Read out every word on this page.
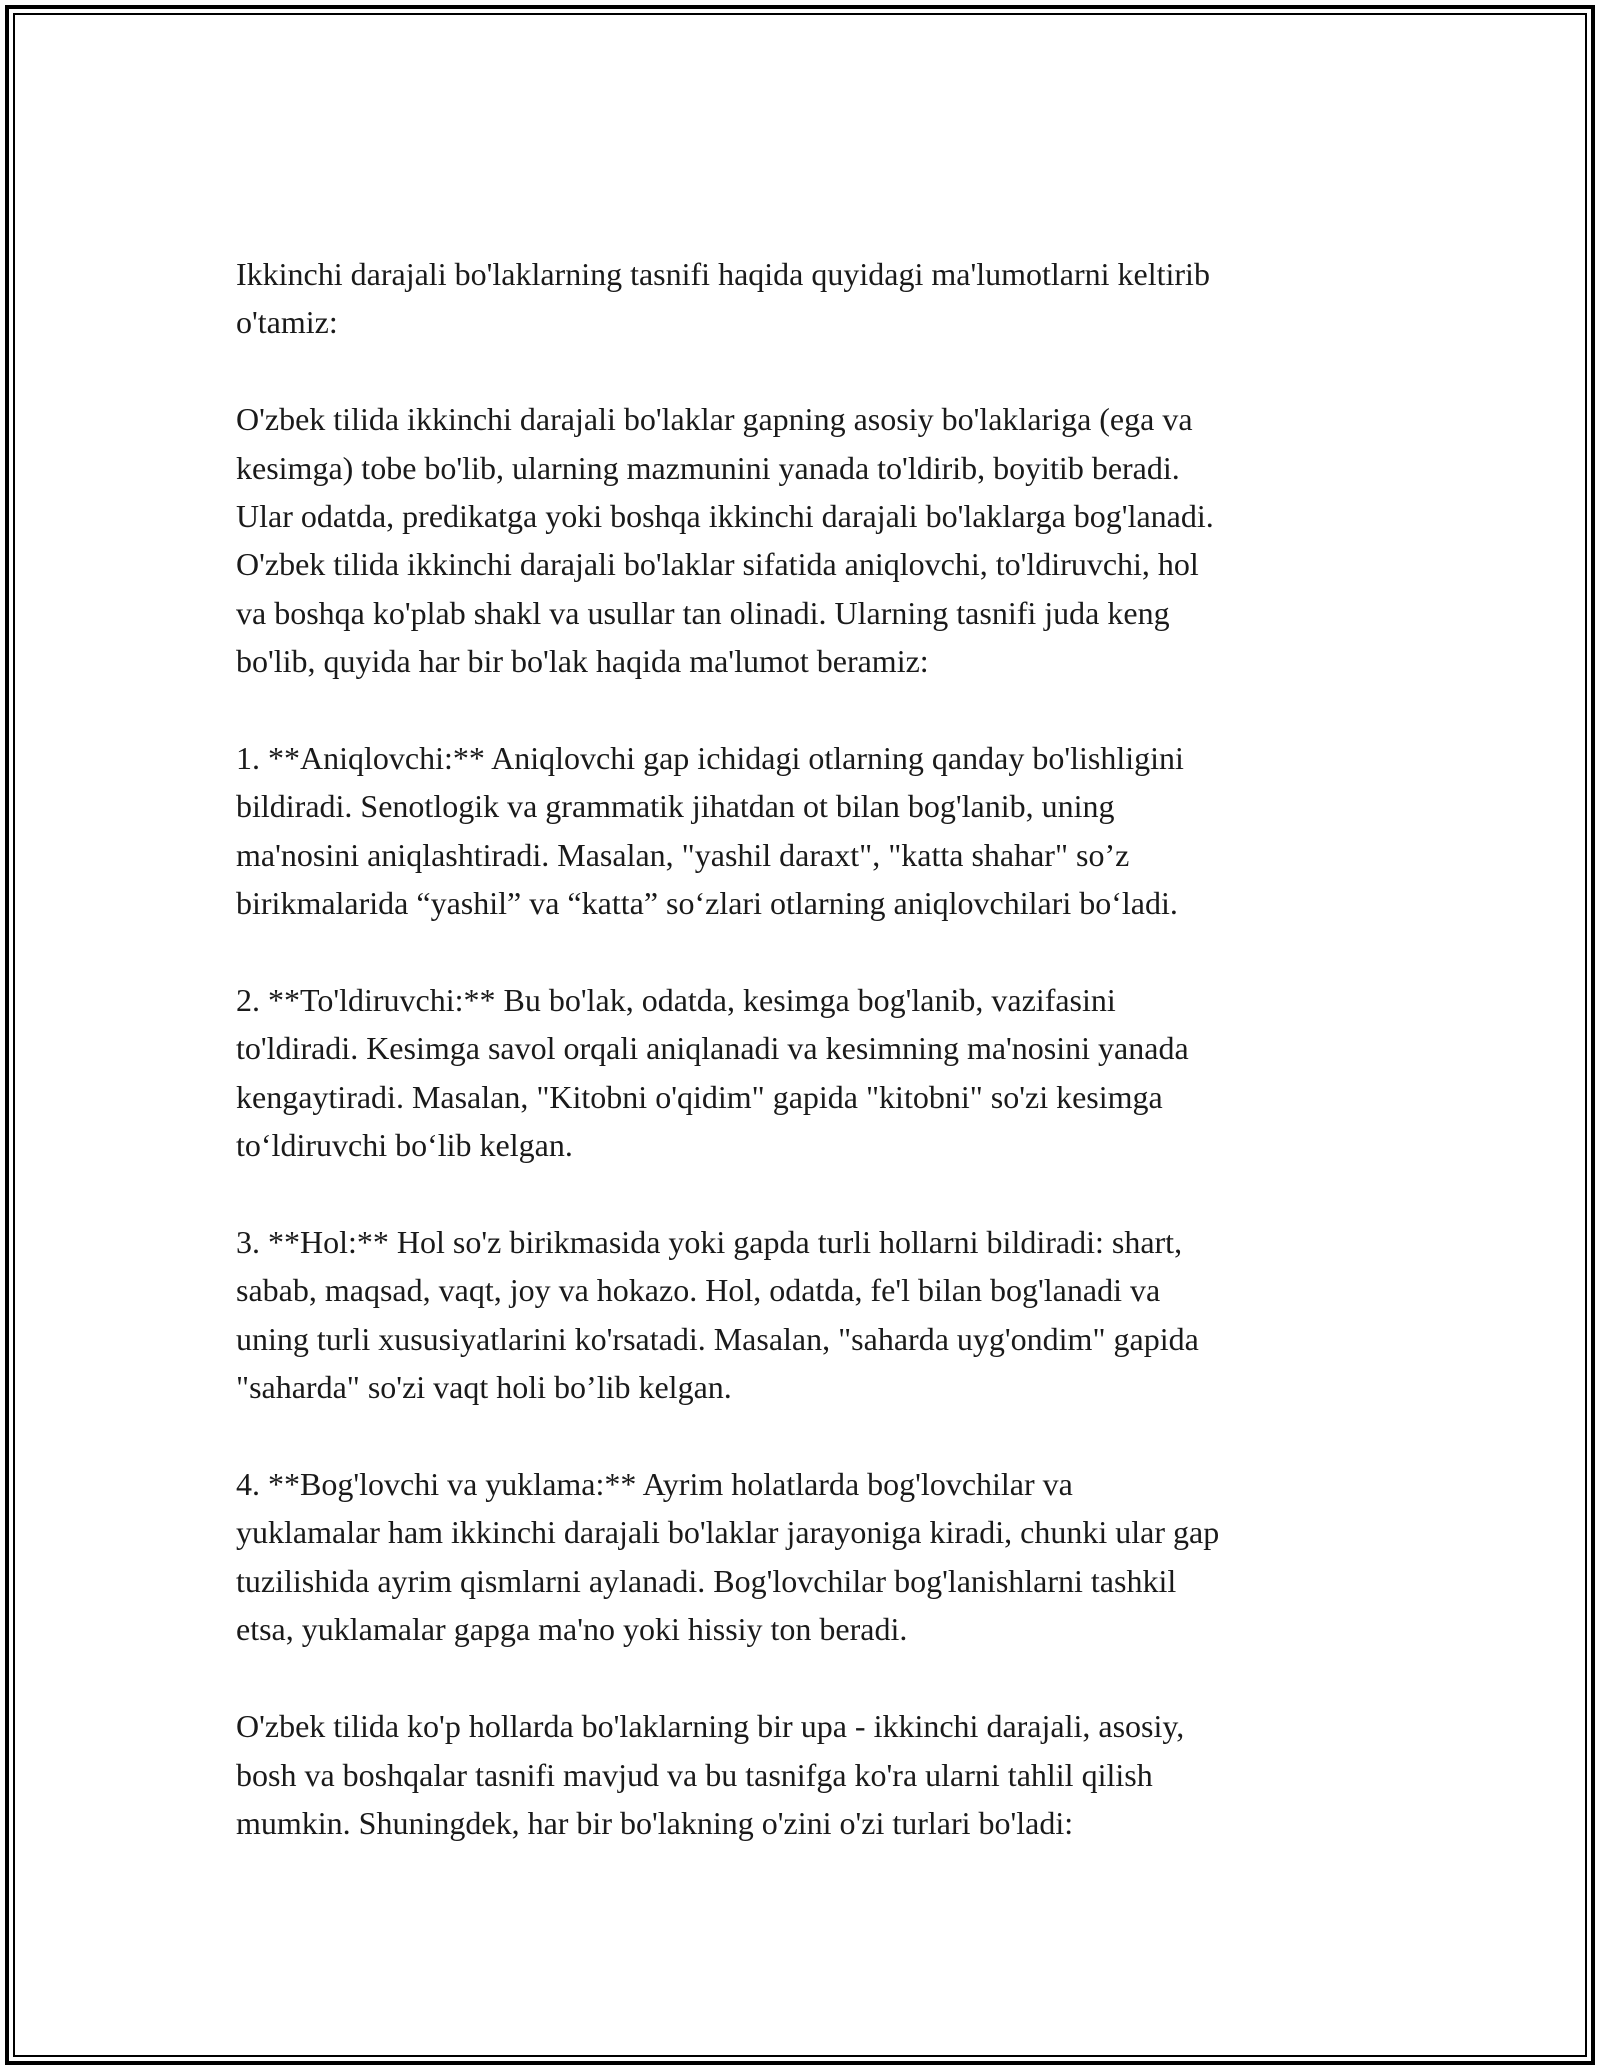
Ikkinchi darajali bo'laklarning tasnifi haqida quyidagi ma'lumotlarni keltirib
o'tamiz:

O'zbek tilida ikkinchi darajali bo'laklar gapning asosiy bo'laklariga (ega va
kesimga) tobe bo'lib, ularning mazmunini yanada to'ldirib, boyitib beradi.
Ular odatda, predikatga yoki boshqa ikkinchi darajali bo'laklarga bog'lanadi.
O'zbek tilida ikkinchi darajali bo'laklar sifatida aniqlovchi, to'ldiruvchi, hol
va boshqa ko'plab shakl va usullar tan olinadi. Ularning tasnifi juda keng
bo'lib, quyida har bir bo'lak haqida ma'lumot beramiz:

1. **Aniqlovchi:** Aniqlovchi gap ichidagi otlarning qanday bo'lishligini
bildiradi. Senotlogik va grammatik jihatdan ot bilan bog'lanib, uning
ma'nosini aniqlashtiradi. Masalan, "yashil daraxt", "katta shahar" so’z
birikmalarida “yashil” va “katta” so‘zlari otlarning aniqlovchilari bo‘ladi.

2. **To'ldiruvchi:** Bu bo'lak, odatda, kesimga bog'lanib, vazifasini
to'ldiradi. Kesimga savol orqali aniqlanadi va kesimning ma'nosini yanada
kengaytiradi. Masalan, "Kitobni o'qidim" gapida "kitobni" so'zi kesimga
to‘ldiruvchi bo‘lib kelgan.

3. **Hol:** Hol so'z birikmasida yoki gapda turli hollarni bildiradi: shart,
sabab, maqsad, vaqt, joy va hokazo. Hol, odatda, fe'l bilan bog'lanadi va
uning turli xususiyatlarini ko'rsatadi. Masalan, "saharda uyg'ondim" gapida
"saharda" so'zi vaqt holi bo’lib kelgan.

4. **Bog'lovchi va yuklama:** Ayrim holatlarda bog'lovchilar va
yuklamalar ham ikkinchi darajali bo'laklar jarayoniga kiradi, chunki ular gap
tuzilishida ayrim qismlarni aylanadi. Bog'lovchilar bog'lanishlarni tashkil
etsa, yuklamalar gapga ma'no yoki hissiy ton beradi.

O'zbek tilida ko'p hollarda bo'laklarning bir upa - ikkinchi darajali, asosiy,
bosh va boshqalar tasnifi mavjud va bu tasnifga ko'ra ularni tahlil qilish
mumkin. Shuningdek, har bir bo'lakning o'zini o'zi turlari bo'ladi:
